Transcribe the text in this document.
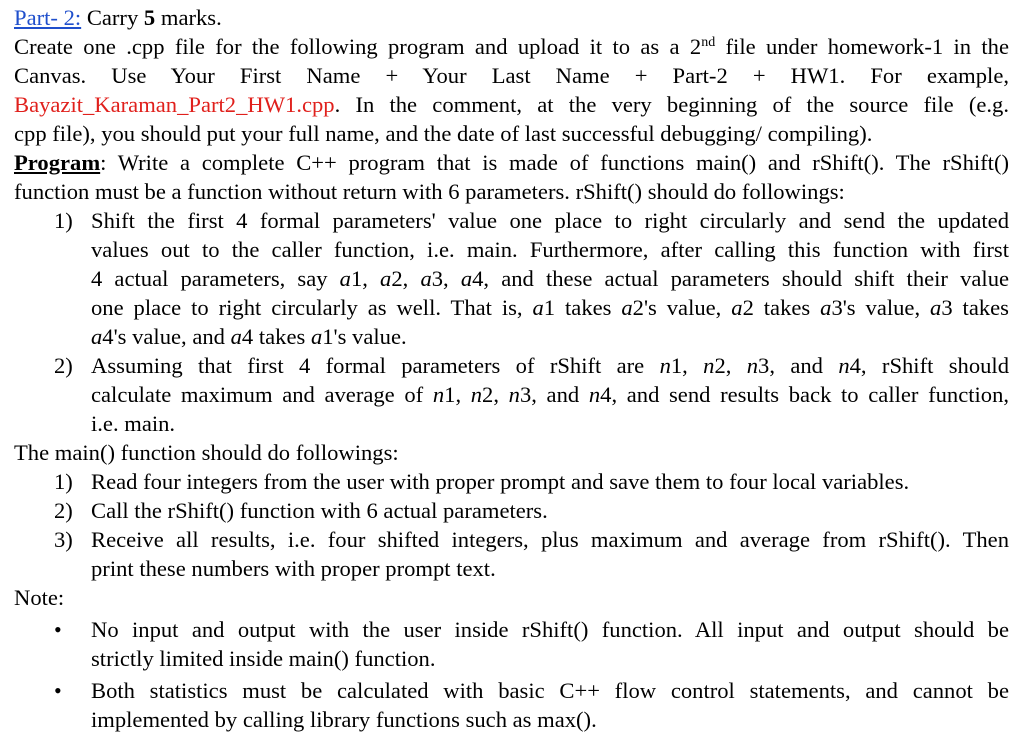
Part- 2: Carry 5 marks.
Create one .cpp file for the following program and upload it to as a 2nd file under homework-1 in the
Canvas. Use Your First Name + Your Last Name + Part-2 + HW1. For example,
Bayazit_Karaman_Part2_HW1.cpp. In the comment, at the very beginning of the source file (e.g.
cpp file), you should put your full name, and the date of last successful debugging/ compiling).
Program: Write a complete C++ program that is made of functions main() and rShift(). The rShift()
function must be a function without return with 6 parameters. rShift() should do followings:
1) Shift the first 4 formal parameters' value one place to right circularly and send the updated
values out to the caller function, i.e. main. Furthermore, after calling this function with first
4 actual parameters, say a1, a2, a3, a4, and these actual parameters should shift their value
one place to right circularly as well. That is, a1 takes a2's value, a2 takes a3's value, a3 takes
a4's value, and a4 takes a1's value.
2) Assuming that first 4 formal parameters of rShift are n1, n2, n3, and n4, rShift should
calculate maximum and average of n1, n2, n3, and n4, and send results back to caller function,
i.e. main.
The main() function should do followings:
1) Read four integers from the user with proper prompt and save them to four local variables.
2) Call the rShift() function with 6 actual parameters.
3) Receive all results, i.e. four shifted integers, plus maximum and average from rShift(). Then
print these numbers with proper prompt text.
Note:
• No input and output with the user inside rShift() function. All input and output should be
strictly limited inside main() function.
• Both statistics must be calculated with basic C++ flow control statements, and cannot be
implemented by calling library functions such as max().
